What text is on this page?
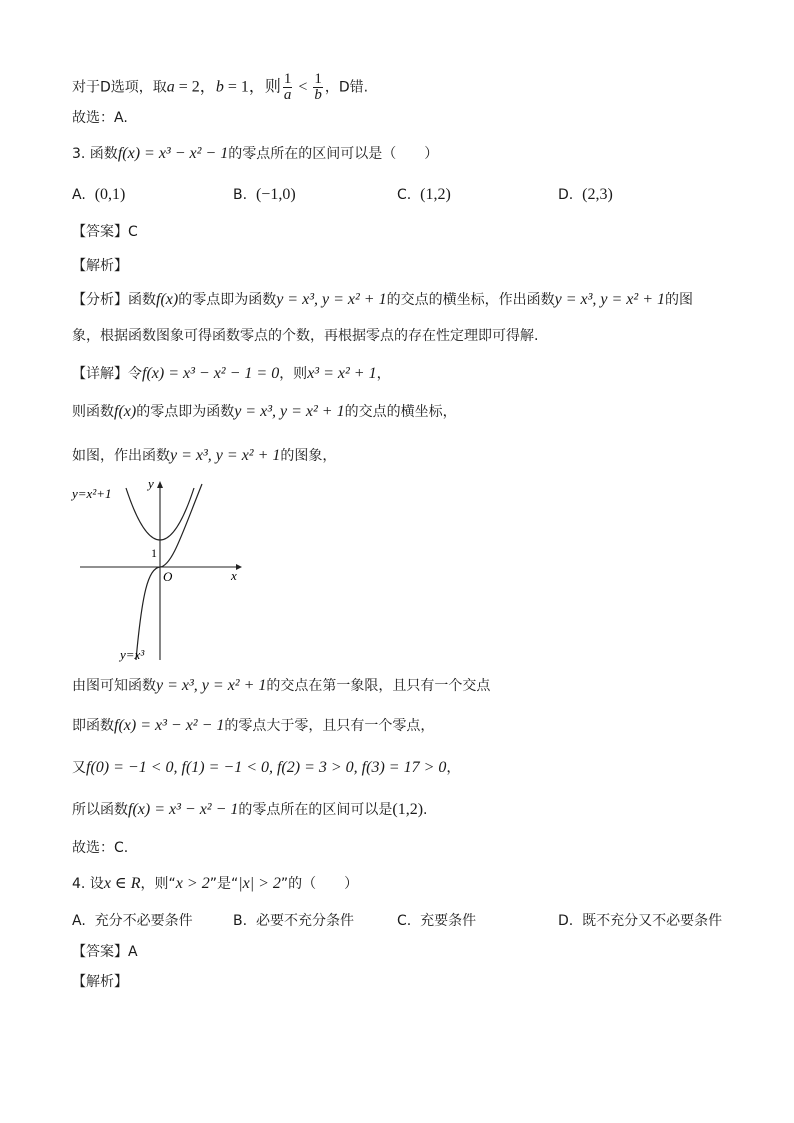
对于D选项，取a = 2，b = 1，则 $\frac{1}{a} < \frac{1}{b}$ ，D错.
故选：A.
3. 函数f(x) = x³ − x² − 1的零点所在的区间可以是（　　）
A. (0,1)	B. (−1,0)	C. (1,2)	D. (2,3)
【答案】C
【解析】
【分析】函数f(x)的零点即为函数y = x³, y = x² + 1的交点的横坐标，作出函数y = x³, y = x² + 1的图
象，根据函数图象可得函数零点的个数，再根据零点的存在性定理即可得解.
【详解】令f(x) = x³ − x² − 1 = 0，则x³ = x² + 1，
则函数f(x)的零点即为函数y = x³, y = x² + 1的交点的横坐标，
如图，作出函数y = x³, y = x² + 1的图象，
y=x²+1
y
x
O
1
y=x³
由图可知函数y = x³, y = x² + 1的交点在第一象限，且只有一个交点
即函数f(x) = x³ − x² − 1的零点大于零，且只有一个零点，
又f(0) = −1 < 0, f(1) = −1 < 0, f(2) = 3 > 0, f(3) = 17 > 0，
所以函数f(x) = x³ − x² − 1的零点所在的区间可以是(1,2).
故选：C.
4. 设x ∈ R，则“x > 2”是“|x| > 2”的（　　）
A. 充分不必要条件	B. 必要不充分条件	C. 充要条件	D. 既不充分又不必要条件
【答案】A
【解析】
